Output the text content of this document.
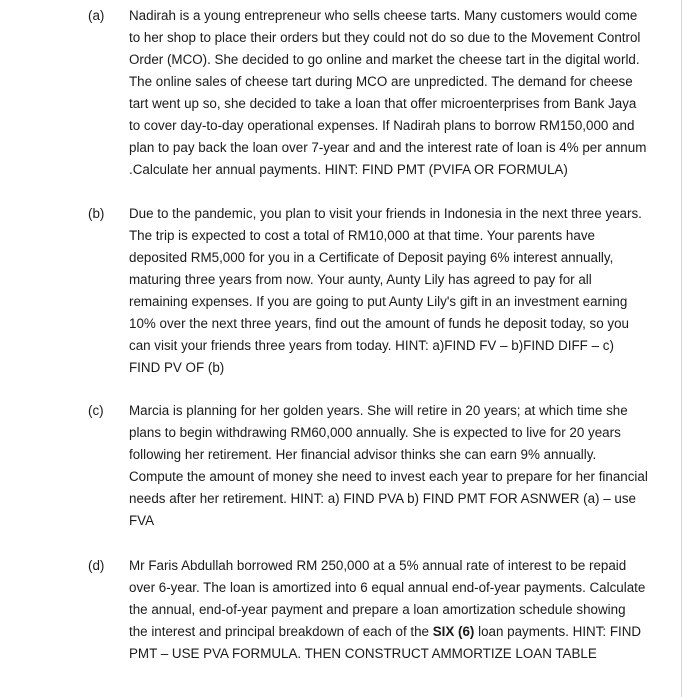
(a) Nadirah is a young entrepreneur who sells cheese tarts. Many customers would come
to her shop to place their orders but they could not do so due to the Movement Control
Order (MCO). She decided to go online and market the cheese tart in the digital world.
The online sales of cheese tart during MCO are unpredicted. The demand for cheese
tart went up so, she decided to take a loan that offer microenterprises from Bank Jaya
to cover day-to-day operational expenses. If Nadirah plans to borrow RM150,000 and
plan to pay back the loan over 7-year and and the interest rate of loan is 4% per annum
.Calculate her annual payments. HINT: FIND PMT (PVIFA OR FORMULA)
(b) Due to the pandemic, you plan to visit your friends in Indonesia in the next three years.
The trip is expected to cost a total of RM10,000 at that time. Your parents have
deposited RM5,000 for you in a Certificate of Deposit paying 6% interest annually,
maturing three years from now. Your aunty, Aunty Lily has agreed to pay for all
remaining expenses. If you are going to put Aunty Lily's gift in an investment earning
10% over the next three years, find out the amount of funds he deposit today, so you
can visit your friends three years from today. HINT: a)FIND FV – b)FIND DIFF – c)
FIND PV OF (b)
(c) Marcia is planning for her golden years. She will retire in 20 years; at which time she
plans to begin withdrawing RM60,000 annually. She is expected to live for 20 years
following her retirement. Her financial advisor thinks she can earn 9% annually.
Compute the amount of money she need to invest each year to prepare for her financial
needs after her retirement. HINT: a) FIND PVA b) FIND PMT FOR ASNWER (a) – use
FVA
(d) Mr Faris Abdullah borrowed RM 250,000 at a 5% annual rate of interest to be repaid
over 6-year. The loan is amortized into 6 equal annual end-of-year payments. Calculate
the annual, end-of-year payment and prepare a loan amortization schedule showing
the interest and principal breakdown of each of the SIX (6) loan payments. HINT: FIND
PMT – USE PVA FORMULA. THEN CONSTRUCT AMMORTIZE LOAN TABLE
